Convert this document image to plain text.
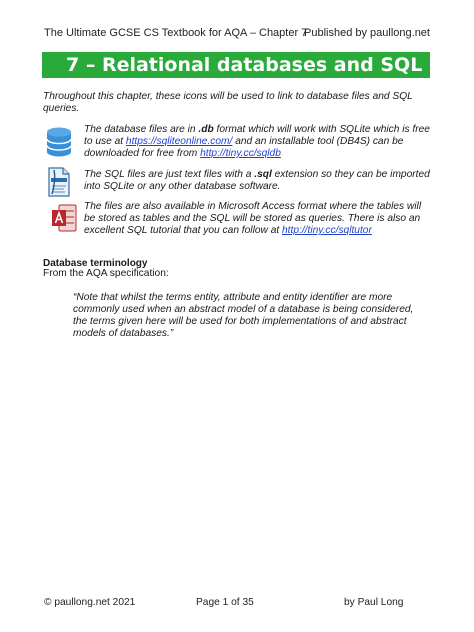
The Ultimate GCSE CS Textbook for AQA – Chapter 7
Published by paullong.net
7 – Relational databases and SQL
Throughout this chapter, these icons will be used to link to database files and SQL queries.
The database files are in .db format which will work with SQLite which is free to use at https://sqliteonline.com/ and an installable tool (DB4S) can be downloaded for free from http://tiny.cc/sqldb
The SQL files are just text files with a .sql extension so they can be imported into SQLite or any other database software.
The files are also available in Microsoft Access format where the tables will be stored as tables and the SQL will be stored as queries. There is also an excellent SQL tutorial that you can follow at http://tiny.cc/sqltutor
Database terminology
From the AQA specification:
“Note that whilst the terms entity, attribute and entity identifier are more commonly used when an abstract model of a database is being considered, the terms given here will be used for both implementations of and abstract models of databases.”
© paullong.net 2021	Page 1 of 35	by Paul Long
